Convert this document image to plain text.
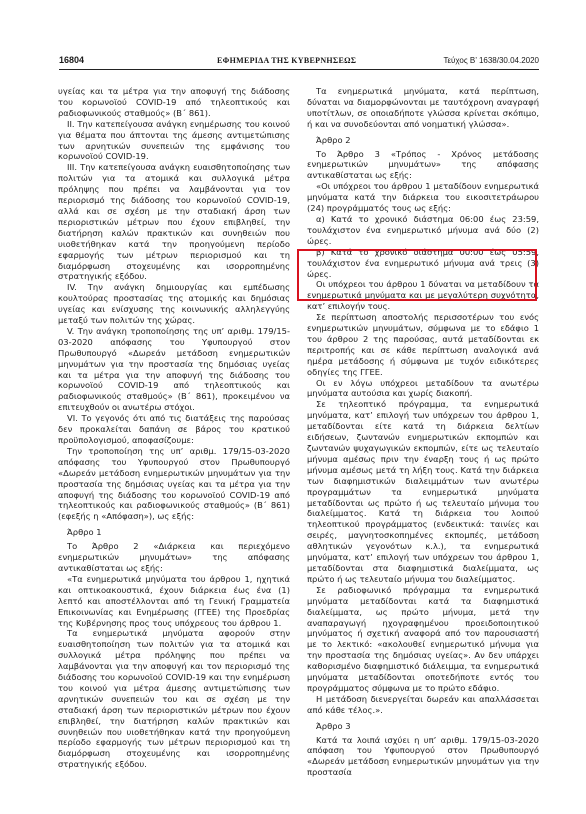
16804	ΕΦΗΜΕΡΙΔΑ ΤΗΣ ΚΥΒΕΡΝΗΣΕΩΣ	Τεύχος Β’ 1638/30.04.2020

υγείας και τα μέτρα για την αποφυγή της διάδοσης του κορωνοϊού COVID-19 από τηλεοπτικούς και ραδιοφωνικούς σταθμούς» (Β΄ 861).

ΙΙ. Την κατεπείγουσα ανάγκη ενημέρωσης του κοινού για θέματα που άπτονται της άμεσης αντιμετώπισης των αρνητικών συνεπειών της εμφάνισης του κορωνοϊού COVID-19.

III. Την κατεπείγουσα ανάγκη ευαισθητοποίησης των πολιτών για τα ατομικά και συλλογικά μέτρα πρόληψης που πρέπει να λαμβάνονται για τον περιορισμό της διάδοσης του κορωνοϊού COVID-19, αλλά και σε σχέση με την σταδιακή άρση των περιοριστικών μέτρων που έχουν επιβληθεί, την διατήρηση καλών πρακτικών και συνηθειών που υιοθετήθηκαν κατά την προηγούμενη περίοδο εφαρμογής των μέτρων περιορισμού και τη διαμόρφωση στοχευμένης και ισορροπημένης στρατηγικής εξόδου.

IV. Την ανάγκη δημιουργίας και εμπέδωσης κουλτούρας προστασίας της ατομικής και δημόσιας υγείας και ενίσχυσης της κοινωνικής αλληλεγγύης μεταξύ των πολιτών της χώρας.

V. Την ανάγκη τροποποίησης της υπ’ αριθμ. 179/15-03-2020 απόφασης του Υφυπουργού στον Πρωθυπουργό «Δωρεάν μετάδοση ενημερωτικών μηνυμάτων για την προστασία της δημόσιας υγείας και τα μέτρα για την αποφυγή της διάδοσης του κορωνοϊού COVID-19 από τηλεοπτικούς και ραδιοφωνικούς σταθμούς» (Β΄ 861), προκειμένου να επιτευχθούν οι ανωτέρω στόχοι.

VI. Το γεγονός ότι από τις διατάξεις της παρούσας δεν προκαλείται δαπάνη σε βάρος του κρατικού προϋπολογισμού, αποφασίζουμε:

Την τροποποίηση της υπ’ αριθμ. 179/15-03-2020 απόφασης του Υφυπουργού στον Πρωθυπουργό «Δωρεάν μετάδοση ενημερωτικών μηνυμάτων για την προστασία της δημόσιας υγείας και τα μέτρα για την αποφυγή της διάδοσης του κορωνοϊού COVID-19 από τηλεοπτικούς και ραδιοφωνικούς σταθμούς» (Β΄ 861) (εφεξής η «Απόφαση»), ως εξής:

Άρθρο 1

Το Άρθρο 2 «Διάρκεια και περιεχόμενο ενημερωτικών μηνυμάτων» της απόφασης αντικαθίσταται ως εξής:

«Τα ενημερωτικά μηνύματα του άρθρου 1, ηχητικά και οπτικοακουστικά, έχουν διάρκεια έως ένα (1) λεπτό και αποστέλλονται από τη Γενική Γραμματεία Επικοινωνίας και Ενημέρωσης (ΓΓΕΕ) της Προεδρίας της Κυβέρνησης προς τους υπόχρεους του άρθρου 1.

Τα ενημερωτικά μηνύματα αφορούν στην ευαισθητοποίηση των πολιτών για τα ατομικά και συλλογικά μέτρα πρόληψης που πρέπει να λαμβάνονται για την αποφυγή και τον περιορισμό της διάδοσης του κορωνοϊού COVID-19 και την ενημέρωση του κοινού για μέτρα άμεσης αντιμετώπισης των αρνητικών συνεπειών του και σε σχέση με την σταδιακή άρση των περιοριστικών μέτρων που έχουν επιβληθεί, την διατήρηση καλών πρακτικών και συνηθειών που υιοθετήθηκαν κατά την προηγούμενη περίοδο εφαρμογής των μέτρων περιορισμού και τη διαμόρφωση στοχευμένης και ισορροπημένης στρατηγικής εξόδου.

Τα ενημερωτικά μηνύματα, κατά περίπτωση, δύναται να διαμορφώνονται με ταυτόχρονη αναγραφή υποτίτλων, σε οποιαδήποτε γλώσσα κρίνεται σκόπιμο, ή και να συνοδεύονται από νοηματική γλώσσα».

Άρθρο 2

Το Άρθρο 3 «Τρόπος - Χρόνος μετάδοσης ενημερωτικών μηνυμάτων» της απόφασης αντικαθίσταται ως εξής:

«Οι υπόχρεοι του άρθρου 1 μεταδίδουν ενημερωτικά μηνύματα κατά την διάρκεια του εικοσιτετράωρου (24) προγράμματός τους ως εξής:

α) Κατά το χρονικό διάστημα 06:00 έως 23:59, τουλάχιστον ένα ενημερωτικό μήνυμα ανά δύο (2) ώρες.

β) Κατά το χρονικό διάστημα 00:00 έως 05:59, τουλάχιστον ένα ενημερωτικό μήνυμα ανά τρεις (3) ώρες.

Οι υπόχρεοι του άρθρου 1 δύναται να μεταδίδουν τα ενημερωτικά μηνύματα και με μεγαλύτερη συχνότητα, κατ’ επιλογήν τους.

Σε περίπτωση αποστολής περισσοτέρων του ενός ενημερωτικών μηνυμάτων, σύμφωνα με το εδάφιο 1 του άρθρου 2 της παρούσας, αυτά μεταδίδονται εκ περιτροπής και σε κάθε περίπτωση αναλογικά ανά ημέρα μετάδοσης ή σύμφωνα με τυχόν ειδικότερες οδηγίες της ΓΓΕΕ.

Οι εν λόγω υπόχρεοι μεταδίδουν τα ανωτέρω μηνύματα αυτούσια και χωρίς διακοπή.

Σε τηλεοπτικό πρόγραμμα, τα ενημερωτικά μηνύματα, κατ’ επιλογή των υπόχρεων του άρθρου 1, μεταδίδονται είτε κατά τη διάρκεια δελτίων ειδήσεων, ζωντανών ενημερωτικών εκπομπών και ζωντανών ψυχαγωγικών εκπομπών, είτε ως τελευταίο μήνυμα αμέσως πριν την έναρξη τους ή ως πρώτο μήνυμα αμέσως μετά τη λήξη τους. Κατά την διάρκεια των διαφημιστικών διαλειμμάτων των ανωτέρω προγραμμάτων τα ενημερωτικά μηνύματα μεταδίδονται ως πρώτο ή ως τελευταίο μήνυμα του διαλείμματος. Κατά τη διάρκεια του λοιπού τηλεοπτικού προγράμματος (ενδεικτικά: ταινίες και σειρές, μαγνητοσκοπημένες εκπομπές, μετάδοση αθλητικών γεγονότων κ.λ.), τα ενημερωτικά μηνύματα, κατ’ επιλογή των υπόχρεων του άρθρου 1, μεταδίδονται στα διαφημιστικά διαλείμματα, ως πρώτο ή ως τελευταίο μήνυμα του διαλείμματος.

Σε ραδιοφωνικό πρόγραμμα τα ενημερωτικά μηνύματα μεταδίδονται κατά τα διαφημιστικά διαλείμματα, ως πρώτο μήνυμα, μετά την αναπαραγωγή ηχογραφημένου προειδοποιητικού μηνύματος ή σχετική αναφορά από τον παρουσιαστή με το λεκτικό: «ακολουθεί ενημερωτικό μήνυμα για την προστασία της δημόσιας υγείας». Αν δεν υπάρχει καθορισμένο διαφημιστικό διάλειμμα, τα ενημερωτικά μηνύματα μεταδίδονται οποτεδήποτε εντός του προγράμματος σύμφωνα με το πρώτο εδάφιο.

Η μετάδοση διενεργείται δωρεάν και απαλλάσσεται από κάθε τέλος.».

Άρθρο 3

Κατά τα λοιπά ισχύει η υπ’ αριθμ. 179/15-03-2020 απόφαση του Υφυπουργού στον Πρωθυπουργό «Δωρεάν μετάδοση ενημερωτικών μηνυμάτων για την προστασία
